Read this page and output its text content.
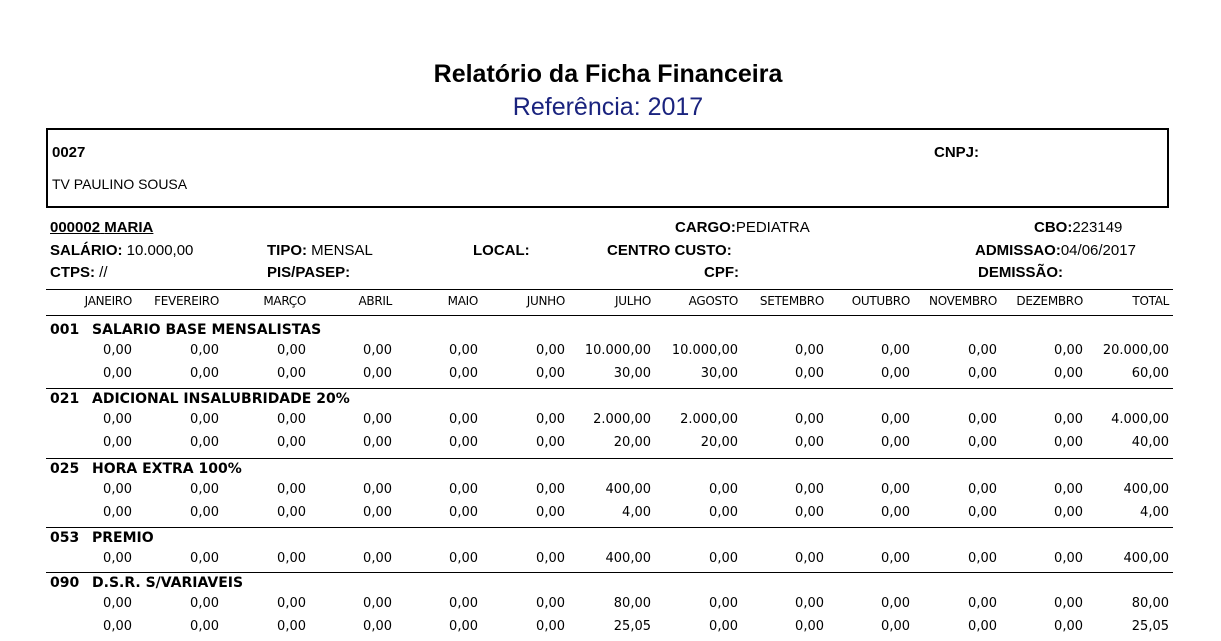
Relatório da Ficha Financeira
Referência: 2017
0027
TV PAULINO SOUSA
CNPJ:
000002 MARIA	CARGO:PEDIATRA	CBO:223149
SALÁRIO: 10.000,00	TIPO: MENSAL	LOCAL:	CENTRO CUSTO:	ADMISSAO:04/06/2017
CTPS: //	PIS/PASEP:	CPF:	DEMISSÃO:
JANEIRO	FEVEREIRO	MARÇO	ABRIL	MAIO	JUNHO	JULHO	AGOSTO	SETEMBRO	OUTUBRO	NOVEMBRO	DEZEMBRO	TOTAL
001 SALARIO BASE MENSALISTAS
0,00	0,00	0,00	0,00	0,00	0,00	10.000,00	10.000,00	0,00	0,00	0,00	0,00	20.000,00
0,00	0,00	0,00	0,00	0,00	0,00	30,00	30,00	0,00	0,00	0,00	0,00	60,00
021 ADICIONAL INSALUBRIDADE 20%
0,00	0,00	0,00	0,00	0,00	0,00	2.000,00	2.000,00	0,00	0,00	0,00	0,00	4.000,00
0,00	0,00	0,00	0,00	0,00	0,00	20,00	20,00	0,00	0,00	0,00	0,00	40,00
025 HORA EXTRA 100%
0,00	0,00	0,00	0,00	0,00	0,00	400,00	0,00	0,00	0,00	0,00	0,00	400,00
0,00	0,00	0,00	0,00	0,00	0,00	4,00	0,00	0,00	0,00	0,00	0,00	4,00
053 PREMIO
0,00	0,00	0,00	0,00	0,00	0,00	400,00	0,00	0,00	0,00	0,00	0,00	400,00
090 D.S.R. S/VARIAVEIS
0,00	0,00	0,00	0,00	0,00	0,00	80,00	0,00	0,00	0,00	0,00	0,00	80,00
0,00	0,00	0,00	0,00	0,00	0,00	25,05	0,00	0,00	0,00	0,00	0,00	25,05
